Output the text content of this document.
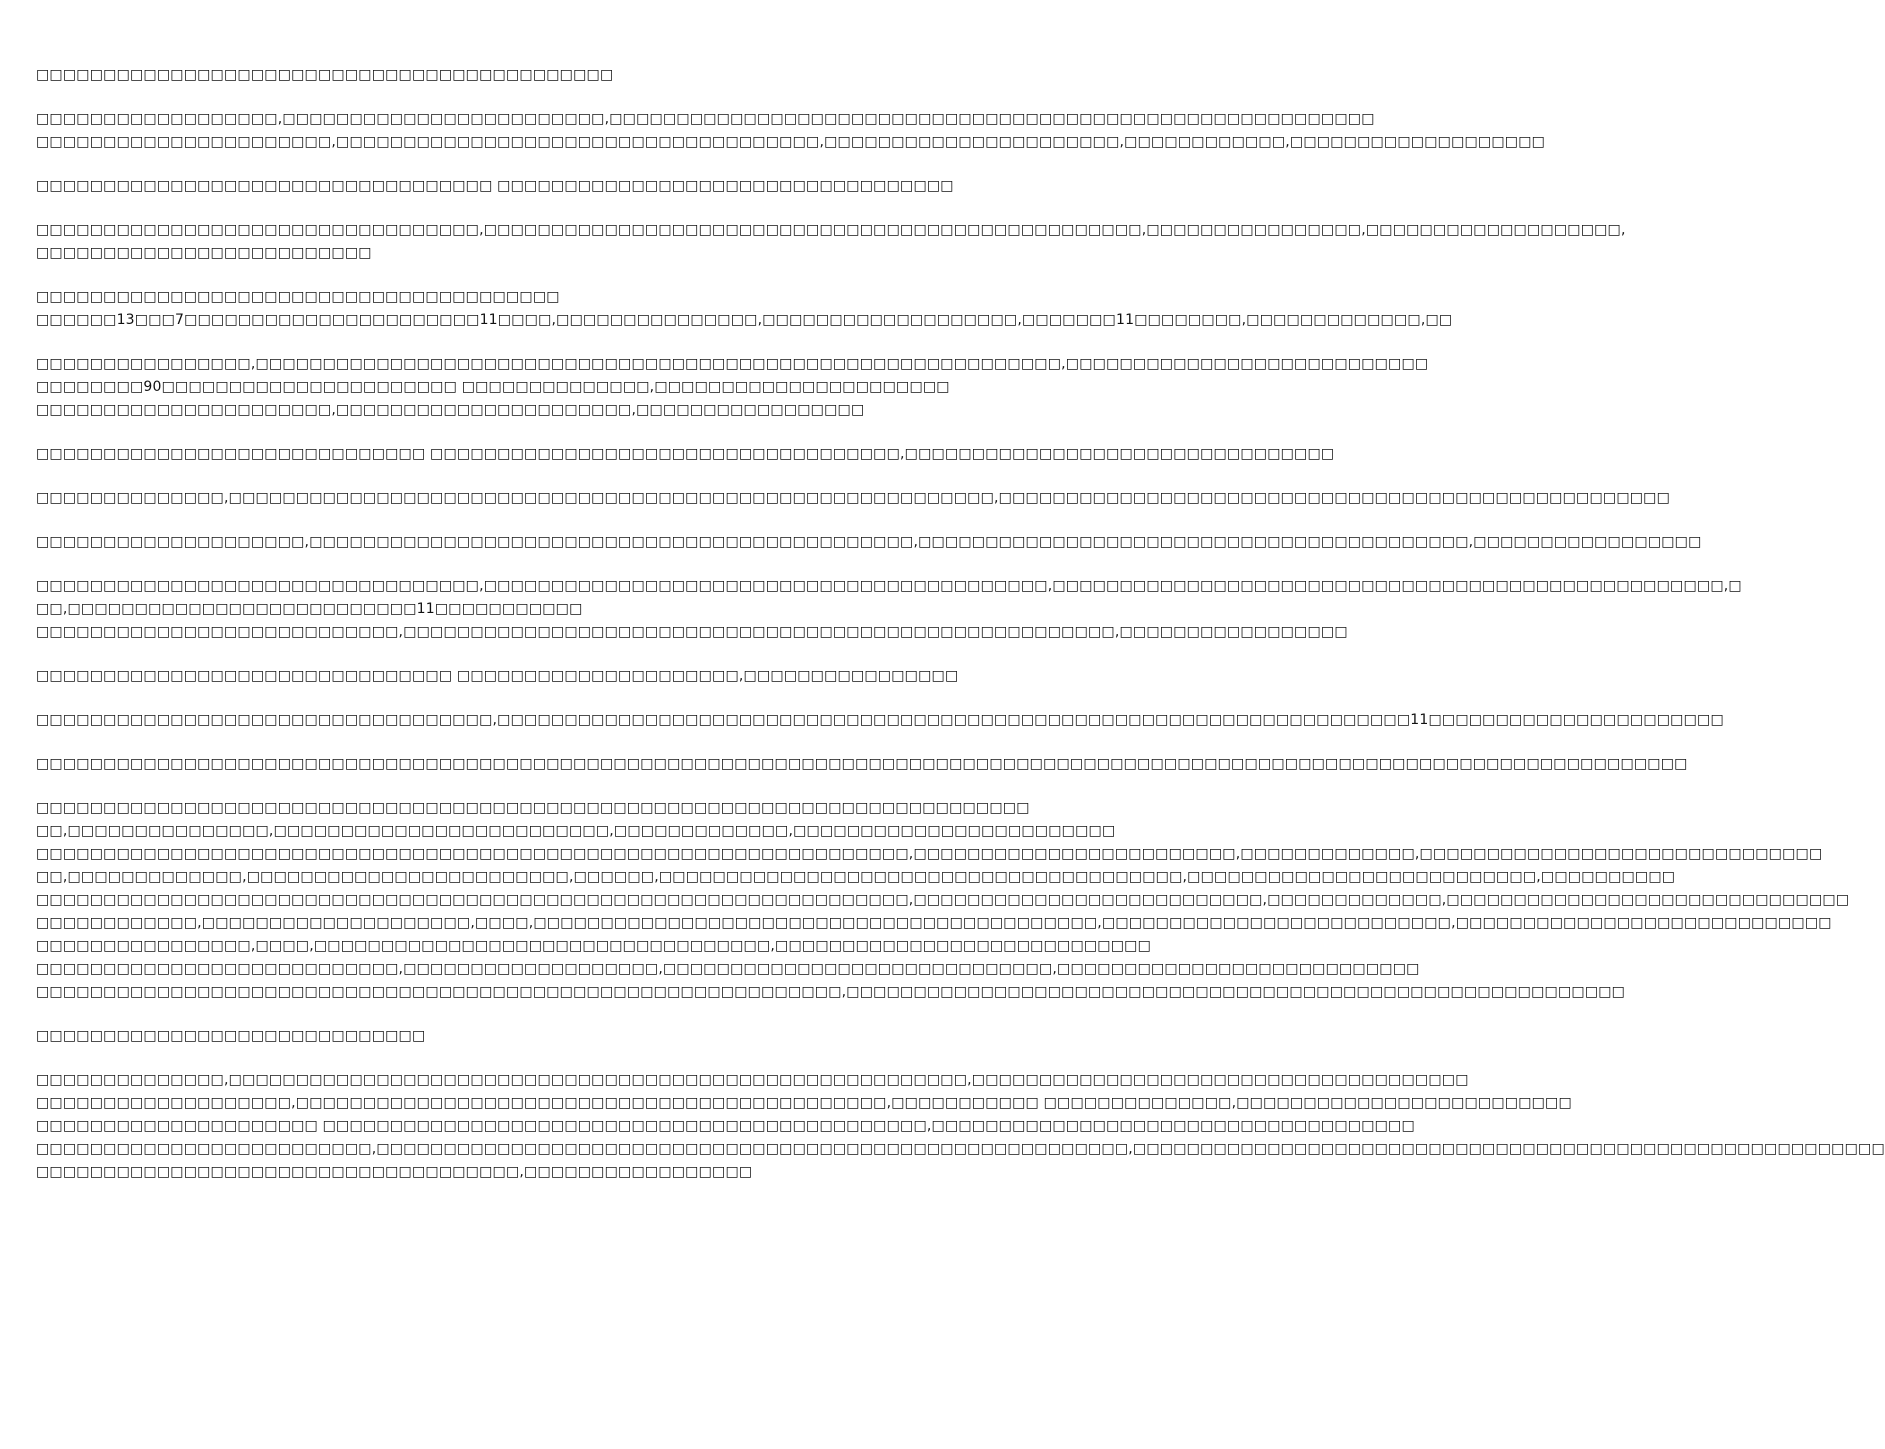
□□□□□□□□□□□□□□□□□□□□□□□□□□□□□□□□□□□□□□□□□□□
□□□□□□□□□□□□□□□□□□,□□□□□□□□□□□□□□□□□□□□□□□□,□□□□□□□□□□□□□□□□□□□□□□□□□□□□□□□□□□□□□□□□□□□□□□□□□□□□□□□□□
□□□□□□□□□□□□□□□□□□□□□□,□□□□□□□□□□□□□□□□□□□□□□□□□□□□□□□□□□□□,□□□□□□□□□□□□□□□□□□□□□□,□□□□□□□□□□□□,□□□□□□□□□□□□□□□□□□□
□□□□□□□□□□□□□□□□□□□□□□□□□□□□□□□□□□ □□□□□□□□□□□□□□□□□□□□□□□□□□□□□□□□□□
□□□□□□□□□□□□□□□□□□□□□□□□□□□□□□□□□,□□□□□□□□□□□□□□□□□□□□□□□□□□□□□□□□□□□□□□□□□□□□□□□□□,□□□□□□□□□□□□□□□□,□□□□□□□□□□□□□□□□□□□,
□□□□□□□□□□□□□□□□□□□□□□□□□
□□□□□□□□□□□□□□□□□□□□□□□□□□□□□□□□□□□□□□□
□□□□□□13□□□7□□□□□□□□□□□□□□□□□□□□□□11□□□□,□□□□□□□□□□□□□□□,□□□□□□□□□□□□□□□□□□□,□□□□□□□11□□□□□□□□,□□□□□□□□□□□□□,□□
□□□□□□□□□□□□□□□□,□□□□□□□□□□□□□□□□□□□□□□□□□□□□□□□□□□□□□□□□□□□□□□□□□□□□□□□□□□□□,□□□□□□□□□□□□□□□□□□□□□□□□□□□
□□□□□□□□90□□□□□□□□□□□□□□□□□□□□□□ □□□□□□□□□□□□□□,□□□□□□□□□□□□□□□□□□□□□□
□□□□□□□□□□□□□□□□□□□□□□,□□□□□□□□□□□□□□□□□□□□□□,□□□□□□□□□□□□□□□□□
□□□□□□□□□□□□□□□□□□□□□□□□□□□□□ □□□□□□□□□□□□□□□□□□□□□□□□□□□□□□□□□□□,□□□□□□□□□□□□□□□□□□□□□□□□□□□□□□□□
□□□□□□□□□□□□□□,□□□□□□□□□□□□□□□□□□□□□□□□□□□□□□□□□□□□□□□□□□□□□□□□□□□□□□□□□,□□□□□□□□□□□□□□□□□□□□□□□□□□□□□□□□□□□□□□□□□□□□□□□□□□
□□□□□□□□□□□□□□□□□□□□,□□□□□□□□□□□□□□□□□□□□□□□□□□□□□□□□□□□□□□□□□□□□□,□□□□□□□□□□□□□□□□□□□□□□□□□□□□□□□□□□□□□□□□□,□□□□□□□□□□□□□□□□□
□□□□□□□□□□□□□□□□□□□□□□□□□□□□□□□□□,□□□□□□□□□□□□□□□□□□□□□□□□□□□□□□□□□□□□□□□□□□,□□□□□□□□□□□□□□□□□□□□□□□□□□□□□□□□□□□□□□□□□□□□□□□□□□,□
□□,□□□□□□□□□□□□□□□□□□□□□□□□□□11□□□□□□□□□□□
□□□□□□□□□□□□□□□□□□□□□□□□□□□,□□□□□□□□□□□□□□□□□□□□□□□□□□□□□□□□□□□□□□□□□□□□□□□□□□□□□,□□□□□□□□□□□□□□□□□
□□□□□□□□□□□□□□□□□□□□□□□□□□□□□□□ □□□□□□□□□□□□□□□□□□□□□,□□□□□□□□□□□□□□□□
□□□□□□□□□□□□□□□□□□□□□□□□□□□□□□□□□□,□□□□□□□□□□□□□□□□□□□□□□□□□□□□□□□□□□□□□□□□□□□□□□□□□□□□□□□□□□□□□□□□□□□□11□□□□□□□□□□□□□□□□□□□□□□
□□□□□□□□□□□□□□□□□□□□□□□□□□□□□□□□□□□□□□□□□□□□□□□□□□□□□□□□□□□□□□□□□□□□□□□□□□□□□□□□□□□□□□□□□□□□□□□□□□□□□□□□□□□□□□□□□□□□□□□□□□□
□□□□□□□□□□□□□□□□□□□□□□□□□□□□□□□□□□□□□□□□□□□□□□□□□□□□□□□□□□□□□□□□□□□□□□□□□□
□□,□□□□□□□□□□□□□□□,□□□□□□□□□□□□□□□□□□□□□□□□□,□□□□□□□□□□□□□,□□□□□□□□□□□□□□□□□□□□□□□□
□□□□□□□□□□□□□□□□□□□□□□□□□□□□□□□□□□□□□□□□□□□□□□□□□□□□□□□□□□□□□□□□□,□□□□□□□□□□□□□□□□□□□□□□□□,□□□□□□□□□□□□□,□□□□□□□□□□□□□□□□□□□□□□□□□□□□□□
□□,□□□□□□□□□□□□□,□□□□□□□□□□□□□□□□□□□□□□□□,□□□□□□,□□□□□□□□□□□□□□□□□□□□□□□□□□□□□□□□□□□□□□□,□□□□□□□□□□□□□□□□□□□□□□□□□□,□□□□□□□□□□
□□□□□□□□□□□□□□□□□□□□□□□□□□□□□□□□□□□□□□□□□□□□□□□□□□□□□□□□□□□□□□□□□,□□□□□□□□□□□□□□□□□□□□□□□□□□,□□□□□□□□□□□□□,□□□□□□□□□□□□□□□□□□□□□□□□□□□□□□
□□□□□□□□□□□□,□□□□□□□□□□□□□□□□□□□□,□□□□,□□□□□□□□□□□□□□□□□□□□□□□□□□□□□□□□□□□□□□□□□□,□□□□□□□□□□□□□□□□□□□□□□□□□□,□□□□□□□□□□□□□□□□□□□□□□□□□□□□
□□□□□□□□□□□□□□□□,□□□□,□□□□□□□□□□□□□□□□□□□□□□□□□□□□□□□□□□,□□□□□□□□□□□□□□□□□□□□□□□□□□□□
□□□□□□□□□□□□□□□□□□□□□□□□□□□,□□□□□□□□□□□□□□□□□□□,□□□□□□□□□□□□□□□□□□□□□□□□□□□□□,□□□□□□□□□□□□□□□□□□□□□□□□□□□
□□□□□□□□□□□□□□□□□□□□□□□□□□□□□□□□□□□□□□□□□□□□□□□□□□□□□□□□□□□□,□□□□□□□□□□□□□□□□□□□□□□□□□□□□□□□□□□□□□□□□□□□□□□□□□□□□□□□□□□
□□□□□□□□□□□□□□□□□□□□□□□□□□□□□
□□□□□□□□□□□□□□,□□□□□□□□□□□□□□□□□□□□□□□□□□□□□□□□□□□□□□□□□□□□□□□□□□□□□□□,□□□□□□□□□□□□□□□□□□□□□□□□□□□□□□□□□□□□□
□□□□□□□□□□□□□□□□□□□,□□□□□□□□□□□□□□□□□□□□□□□□□□□□□□□□□□□□□□□□□□□□,□□□□□□□□□□□ □□□□□□□□□□□□□□,□□□□□□□□□□□□□□□□□□□□□□□□□
□□□□□□□□□□□□□□□□□□□□□ □□□□□□□□□□□□□□□□□□□□□□□□□□□□□□□□□□□□□□□□□□□□□,□□□□□□□□□□□□□□□□□□□□□□□□□□□□□□□□□□□□
□□□□□□□□□□□□□□□□□□□□□□□□□,□□□□□□□□□□□□□□□□□□□□□□□□□□□□□□□□□□□□□□□□□□□□□□□□□□□□□□□□,□□□□□□□□□□□□□□□□□□□□□□□□□□□□□□□□□□□□□□□□□□□□□□□□□□□□□□□□
□□□□□□□□□□□□□□□□□□□□□□□□□□□□□□□□□□□□,□□□□□□□□□□□□□□□□□
